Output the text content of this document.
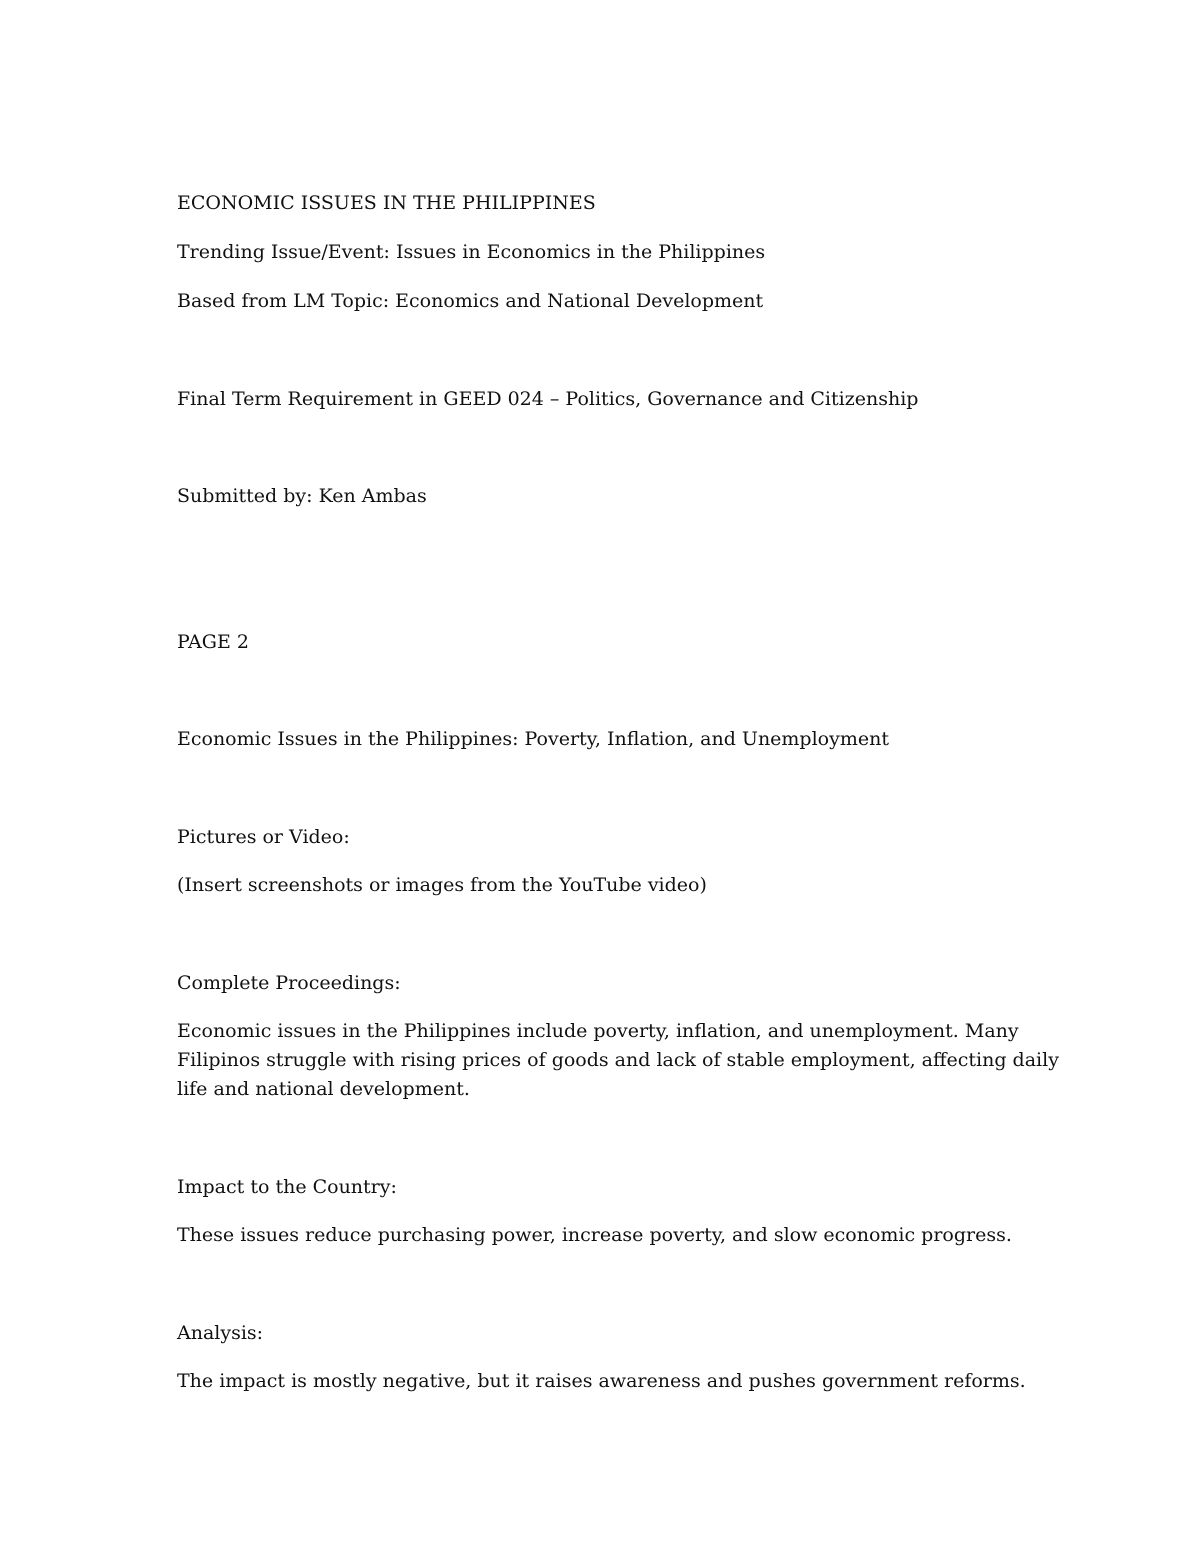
ECONOMIC ISSUES IN THE PHILIPPINES

Trending Issue/Event: Issues in Economics in the Philippines

Based from LM Topic: Economics and National Development

Final Term Requirement in GEED 024 – Politics, Governance and Citizenship

Submitted by: Ken Ambas

PAGE 2

Economic Issues in the Philippines: Poverty, Inflation, and Unemployment

Pictures or Video:

(Insert screenshots or images from the YouTube video)

Complete Proceedings:

Economic issues in the Philippines include poverty, inflation, and unemployment. Many
Filipinos struggle with rising prices of goods and lack of stable employment, affecting daily
life and national development.

Impact to the Country:

These issues reduce purchasing power, increase poverty, and slow economic progress.

Analysis:

The impact is mostly negative, but it raises awareness and pushes government reforms.
